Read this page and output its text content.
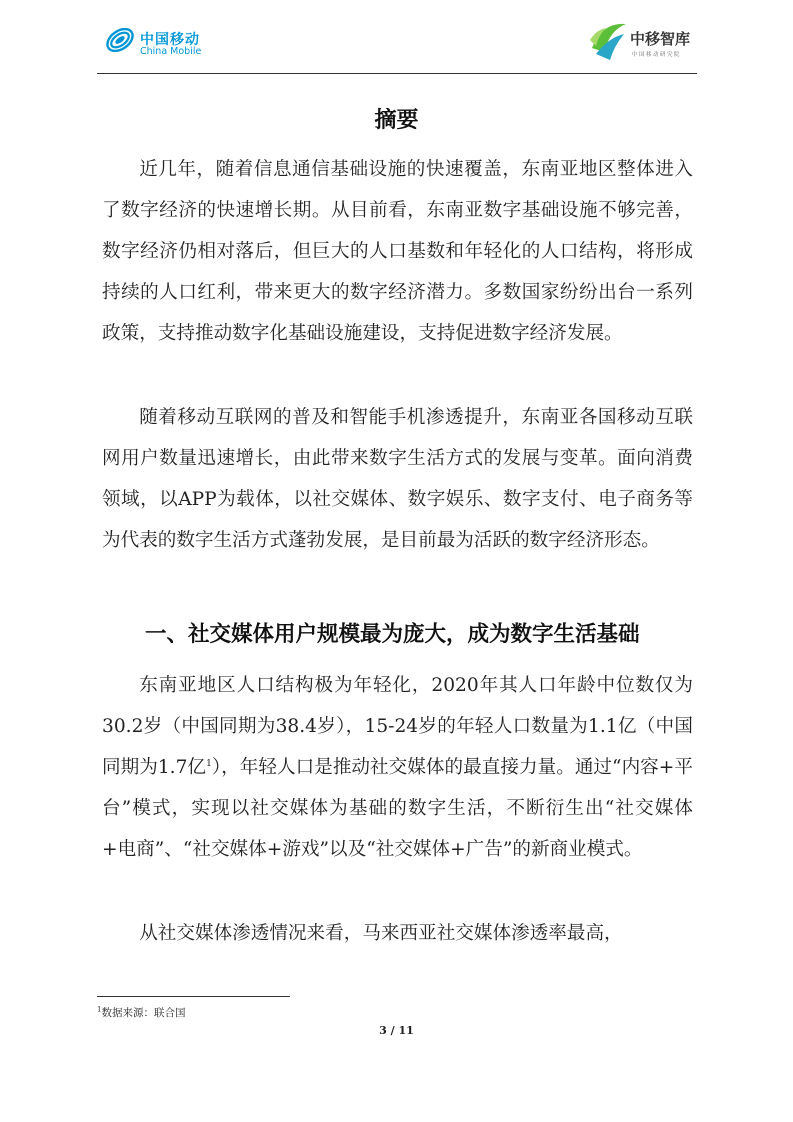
中国移动
China Mobile
中移智库
中国移动研究院
摘要

近几年，随着信息通信基础设施的快速覆盖，东南亚地区整体进入了数字经济的快速增长期。从目前看，东南亚数字基础设施不够完善，数字经济仍相对落后，但巨大的人口基数和年轻化的人口结构，将形成持续的人口红利，带来更大的数字经济潜力。多数国家纷纷出台一系列政策，支持推动数字化基础设施建设，支持促进数字经济发展。

随着移动互联网的普及和智能手机渗透提升，东南亚各国移动互联网用户数量迅速增长，由此带来数字生活方式的发展与变革。面向消费领域，以APP为载体，以社交媒体、数字娱乐、数字支付、电子商务等为代表的数字生活方式蓬勃发展，是目前最为活跃的数字经济形态。

一、社交媒体用户规模最为庞大，成为数字生活基础

东南亚地区人口结构极为年轻化，2020年其人口年龄中位数仅为30.2岁（中国同期为38.4岁），15-24岁的年轻人口数量为1.1亿（中国同期为1.7亿$^1$），年轻人口是推动社交媒体的最直接力量。通过“内容+平台”模式，实现以社交媒体为基础的数字生活，不断衍生出“社交媒体+电商”、“社交媒体+游戏”以及“社交媒体+广告”的新商业模式。

从社交媒体渗透情况来看，马来西亚社交媒体渗透率最高，

$^1$数据来源：联合国
3 / 11
